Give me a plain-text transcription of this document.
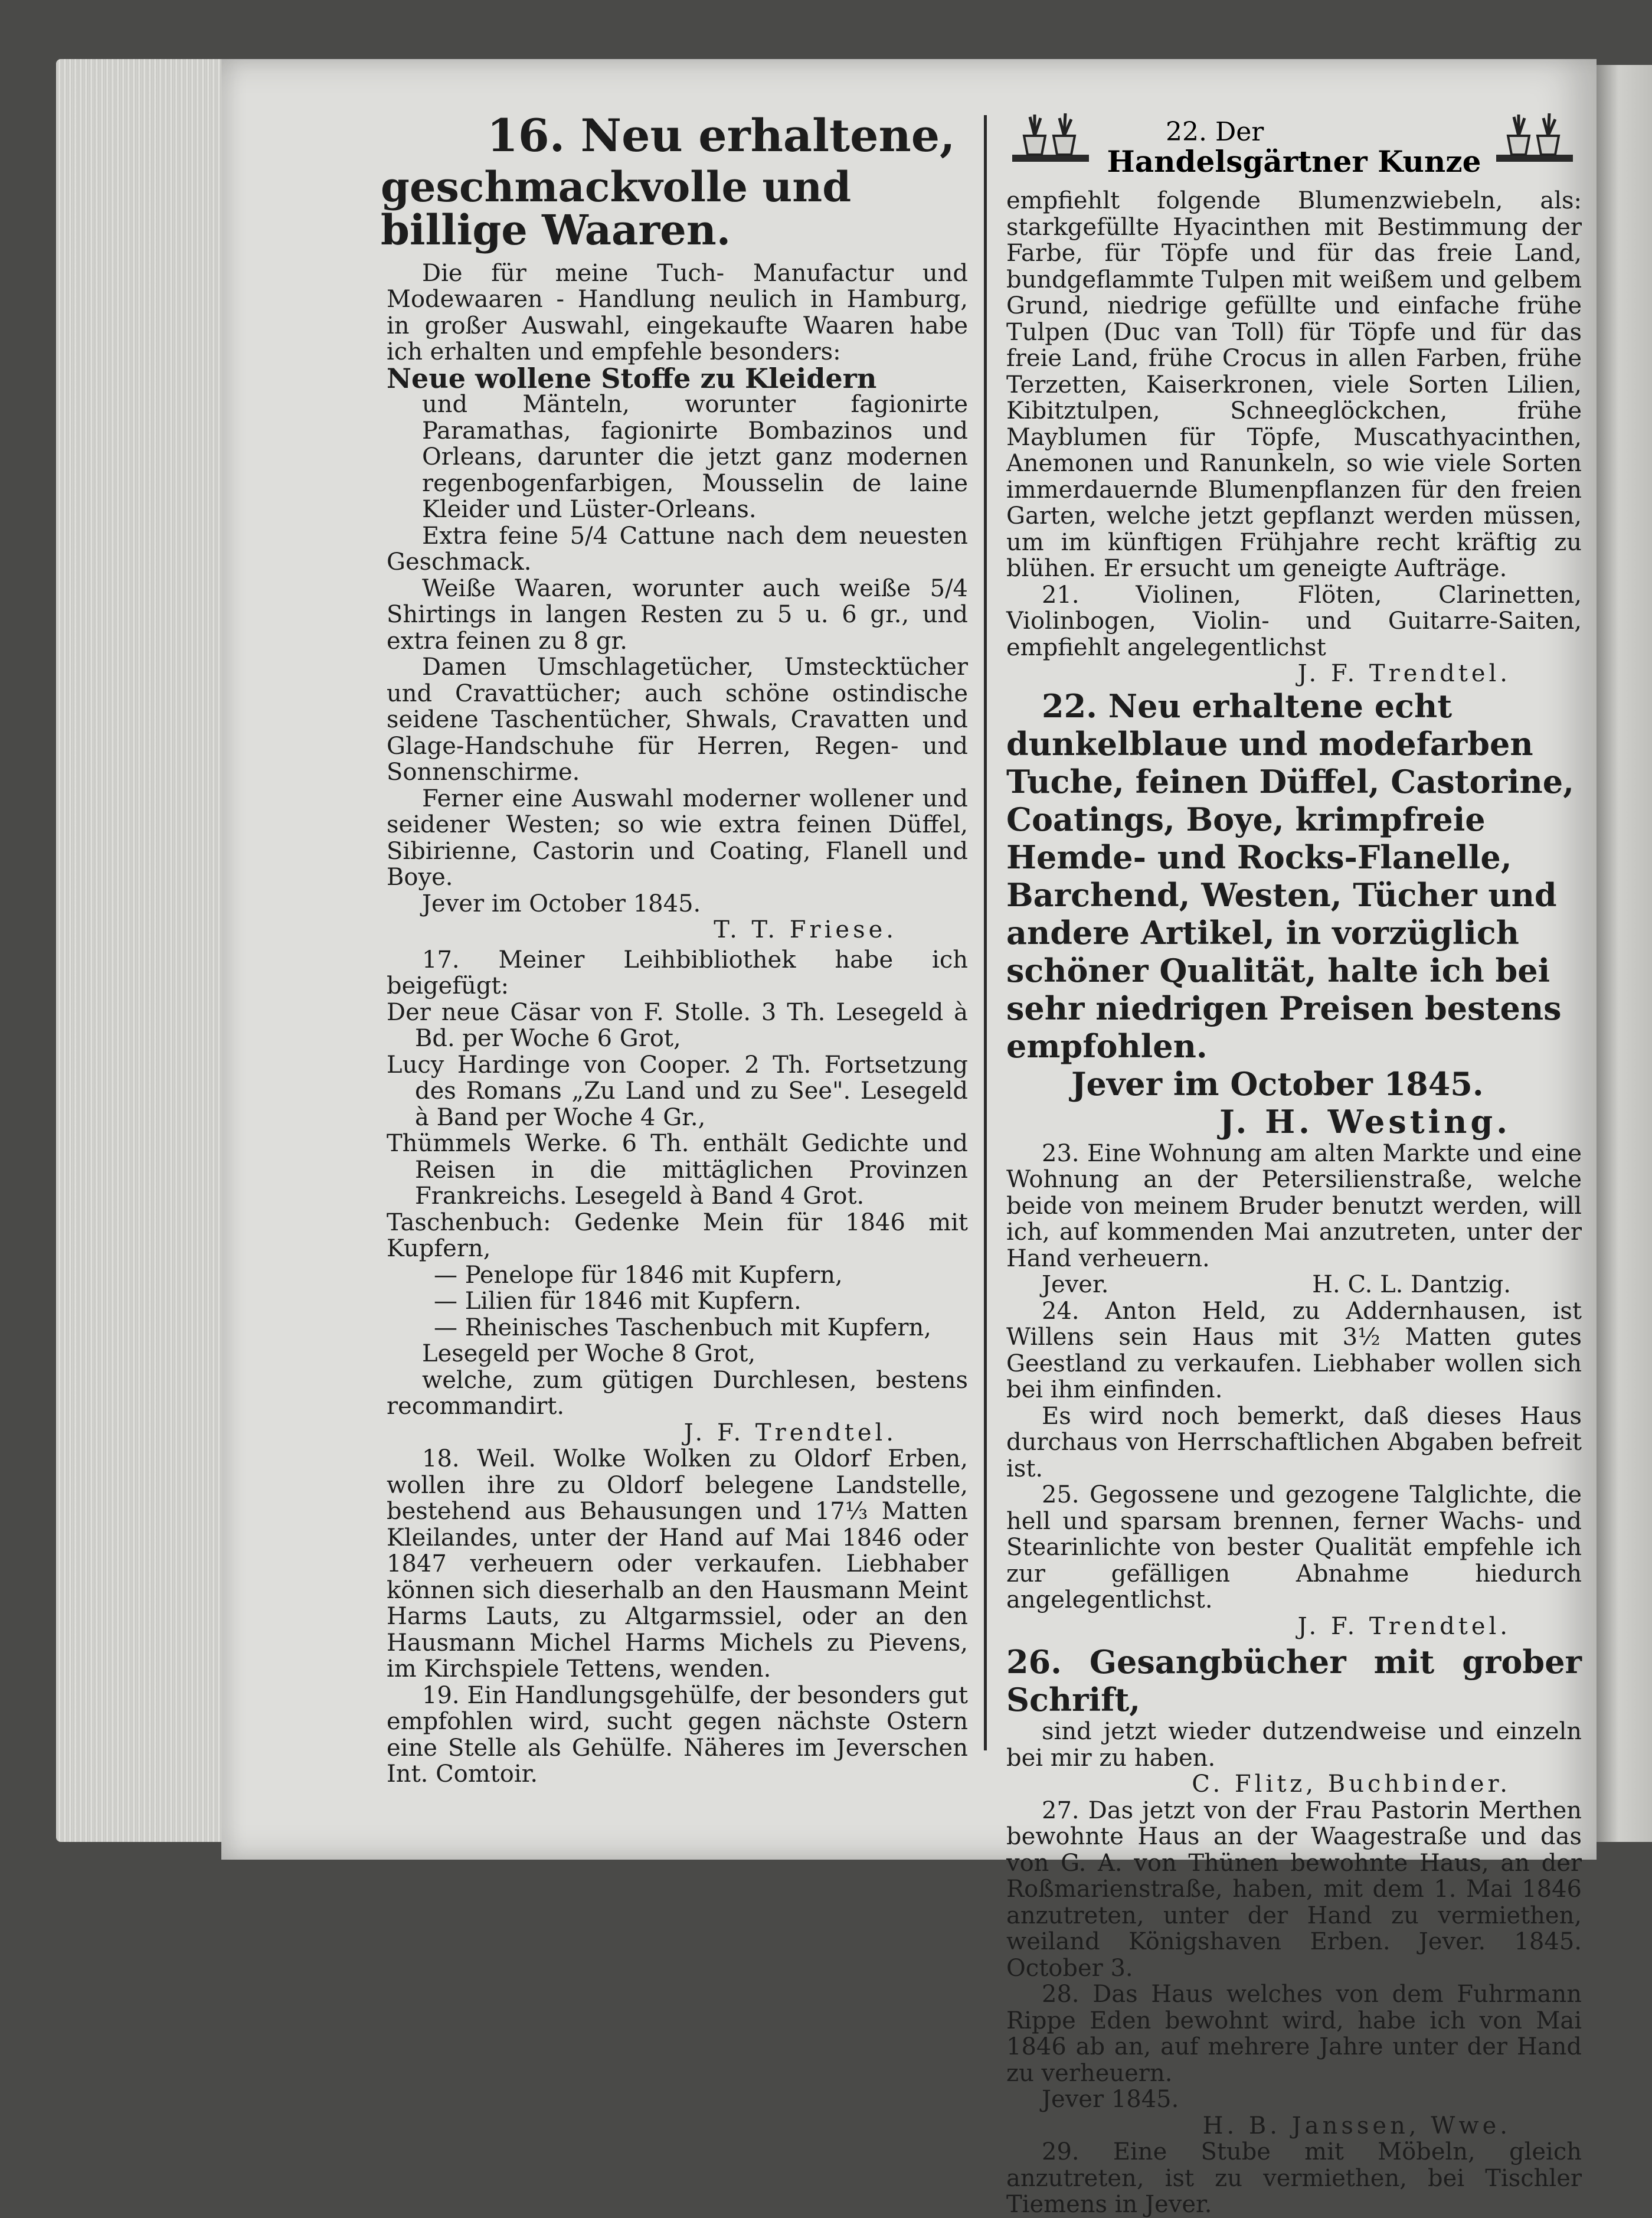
16. Neu erhaltene,
geschmackvolle und billige Waaren.

Die für meine Tuch- Manufactur und Modewaaren - Handlung neulich in Hamburg, in großer Auswahl, eingekaufte Waaren habe ich erhalten und empfehle besonders:

Neue wollene Stoffe zu Kleidern

und Mänteln, worunter fagionirte Paramathas, fagionirte Bombazinos und Orleans, darunter die jetzt ganz modernen regenbogenfarbigen, Mousselin de laine Kleider und Lüster-Orleans.

Extra feine 5/4 Cattune nach dem neuesten Geschmack.

Weiße Waaren, worunter auch weiße 5/4 Shirtings in langen Resten zu 5 u. 6 gr., und extra feinen zu 8 gr.

Damen Umschlagetücher, Umstecktücher und Cravattücher; auch schöne ostindische seidene Taschentücher, Shwals, Cravatten und Glage-Handschuhe für Herren, Regen- und Sonnenschirme.

Ferner eine Auswahl moderner wollener und seidener Westen; so wie extra feinen Düffel, Sibirienne, Castorin und Coating, Flanell und Boye.

Jever im October 1845.

T. T. Friese.

17. Meiner Leihbibliothek habe ich beigefügt:

Der neue Cäsar von F. Stolle. 3 Th. Lesegeld à Bd. per Woche 6 Grot,

Lucy Hardinge von Cooper. 2 Th. Fortsetzung des Romans „Zu Land und zu See". Lesegeld à Band per Woche 4 Gr.,

Thümmels Werke. 6 Th. enthält Gedichte und Reisen in die mittäglichen Provinzen Frankreichs. Lesegeld à Band 4 Grot.

Taschenbuch: Gedenke Mein für 1846 mit Kupfern,

— Penelope für 1846 mit Kupfern,

— Lilien für 1846 mit Kupfern.

— Rheinisches Taschenbuch mit Kupfern,

Lesegeld per Woche 8 Grot,

welche, zum gütigen Durchlesen, bestens recommandirt.

J. F. Trendtel.

18. Weil. Wolke Wolken zu Oldorf Erben, wollen ihre zu Oldorf belegene Landstelle, bestehend aus Behausungen und 17⅓ Matten Kleilandes, unter der Hand auf Mai 1846 oder 1847 verheuern oder verkaufen. Liebhaber können sich dieserhalb an den Hausmann Meint Harms Lauts, zu Altgarmssiel, oder an den Hausmann Michel Harms Michels zu Pievens, im Kirchspiele Tettens, wenden.

19. Ein Handlungsgehülfe, der besonders gut empfohlen wird, sucht gegen nächste Ostern eine Stelle als Gehülfe. Näheres im Jeverschen Int. Comtoir.

22. Der
Handelsgärtner Kunze

empfiehlt folgende Blumenzwiebeln, als: starkgefüllte Hyacinthen mit Bestimmung der Farbe, für Töpfe und für das freie Land, bundgeflammte Tulpen mit weißem und gelbem Grund, niedrige gefüllte und einfache frühe Tulpen (Duc van Toll) für Töpfe und für das freie Land, frühe Crocus in allen Farben, frühe Terzetten, Kaiserkronen, viele Sorten Lilien, Kibitztulpen, Schneeglöckchen, frühe Mayblumen für Töpfe, Muscathyacinthen, Anemonen und Ranunkeln, so wie viele Sorten immerdauernde Blumenpflanzen für den freien Garten, welche jetzt gepflanzt werden müssen, um im künftigen Frühjahre recht kräftig zu blühen. Er ersucht um geneigte Aufträge.

21. Violinen, Flöten, Clarinetten, Violinbogen, Violin- und Guitarre-Saiten, empfiehlt angelegentlichst

J. F. Trendtel.

22. Neu erhaltene echt dunkelblaue und modefarben Tuche, feinen Düffel, Castorine, Coatings, Boye, krimpfreie Hemde- und Rocks-Flanelle, Barchend, Westen, Tücher und andere Artikel, in vorzüglich schöner Qualität, halte ich bei sehr niedrigen Preisen bestens empfohlen.

Jever im October 1845.

J. H. Westing.

23. Eine Wohnung am alten Markte und eine Wohnung an der Petersilienstraße, welche beide von meinem Bruder benutzt werden, will ich, auf kommenden Mai anzutreten, unter der Hand verheuern.

Jever.	H. C. L. Dantzig.

24. Anton Held, zu Addernhausen, ist Willens sein Haus mit 3½ Matten gutes Geestland zu verkaufen. Liebhaber wollen sich bei ihm einfinden.

Es wird noch bemerkt, daß dieses Haus durchaus von Herrschaftlichen Abgaben befreit ist.

25. Gegossene und gezogene Talglichte, die hell und sparsam brennen, ferner Wachs- und Stearinlichte von bester Qualität empfehle ich zur gefälligen Abnahme hiedurch angelegentlichst.

J. F. Trendtel.

26. Gesangbücher mit grober Schrift,

sind jetzt wieder dutzendweise und einzeln bei mir zu haben.

C. Flitz, Buchbinder.

27. Das jetzt von der Frau Pastorin Merthen bewohnte Haus an der Waagestraße und das von G. A. von Thünen bewohnte Haus, an der Roßmarienstraße, haben, mit dem 1. Mai 1846 anzutreten, unter der Hand zu vermiethen, weiland Königshaven Erben. Jever. 1845. October 3.

28. Das Haus welches von dem Fuhrmann Rippe Eden bewohnt wird, habe ich von Mai 1846 ab an, auf mehrere Jahre unter der Hand zu verheuern.

Jever 1845.

H. B. Janssen, Wwe.

29. Eine Stube mit Möbeln, gleich anzutreten, ist zu vermiethen, bei Tischler Tiemens in Jever.
